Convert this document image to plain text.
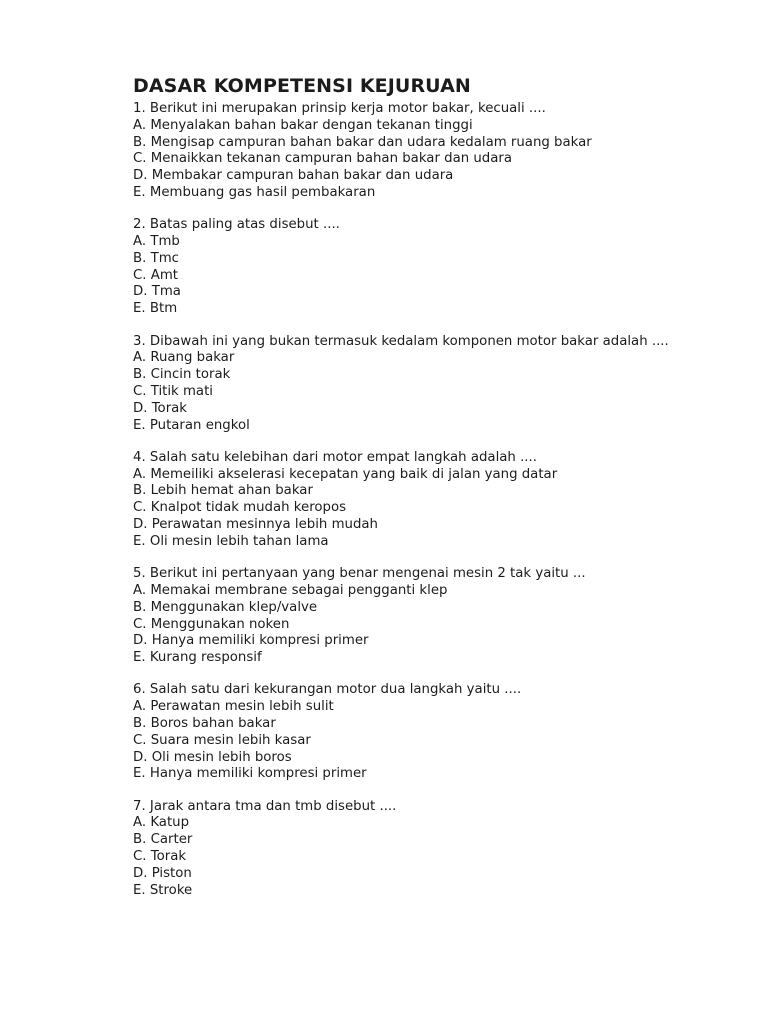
DASAR KOMPETENSI KEJURUAN

1. Berikut ini merupakan prinsip kerja motor bakar, kecuali ....

A. Menyalakan bahan bakar dengan tekanan tinggi
B. Mengisap campuran bahan bakar dan udara kedalam ruang bakar
C. Menaikkan tekanan campuran bahan bakar dan udara
D. Membakar campuran bahan bakar dan udara
E. Membuang gas hasil pembakaran

2. Batas paling atas disebut ....

A. Tmb
B. Tmc
C. Amt
D. Tma
E. Btm

3. Dibawah ini yang bukan termasuk kedalam komponen motor bakar adalah ....

A. Ruang bakar
B. Cincin torak
C. Titik mati
D. Torak
E. Putaran engkol

4. Salah satu kelebihan dari motor empat langkah adalah ....

A. Memeiliki akselerasi kecepatan yang baik di jalan yang datar
B. Lebih hemat ahan bakar
C. Knalpot tidak mudah keropos
D. Perawatan mesinnya lebih mudah
E. Oli mesin lebih tahan lama

5. Berikut ini pertanyaan yang benar mengenai mesin 2 tak yaitu ...

A. Memakai membrane sebagai pengganti klep
B. Menggunakan klep/valve
C. Menggunakan noken
D. Hanya memiliki kompresi primer
E. Kurang responsif

6. Salah satu dari kekurangan motor dua langkah yaitu ....

A. Perawatan mesin lebih sulit
B. Boros bahan bakar
C. Suara mesin lebih kasar
D. Oli mesin lebih boros
E. Hanya memiliki kompresi primer

7. Jarak antara tma dan tmb disebut ....

A. Katup
B. Carter
C. Torak
D. Piston
E. Stroke
